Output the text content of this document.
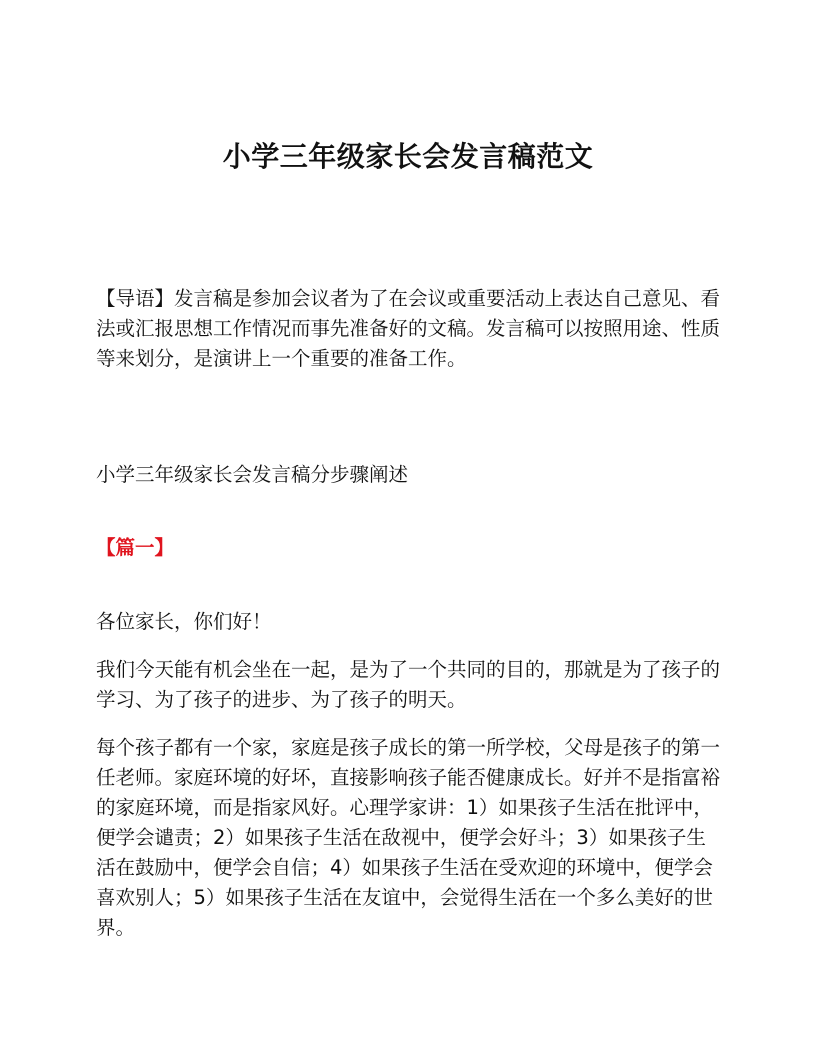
小学三年级家长会发言稿范文

【导语】发言稿是参加会议者为了在会议或重要活动上表达自己意见、看法或汇报思想工作情况而事先准备好的文稿。发言稿可以按照用途、性质等来划分，是演讲上一个重要的准备工作。

小学三年级家长会发言稿分步骤阐述

【篇一】

各位家长，你们好！

我们今天能有机会坐在一起，是为了一个共同的目的，那就是为了孩子的学习、为了孩子的进步、为了孩子的明天。

每个孩子都有一个家，家庭是孩子成长的第一所学校，父母是孩子的第一任老师。家庭环境的好坏，直接影响孩子能否健康成长。好并不是指富裕的家庭环境，而是指家风好。心理学家讲：1）如果孩子生活在批评中，便学会谴责；2）如果孩子生活在敌视中，便学会好斗；3）如果孩子生活在鼓励中，便学会自信；4）如果孩子生活在受欢迎的环境中，便学会喜欢别人；5）如果孩子生活在友谊中，会觉得生活在一个多么美好的世界。
